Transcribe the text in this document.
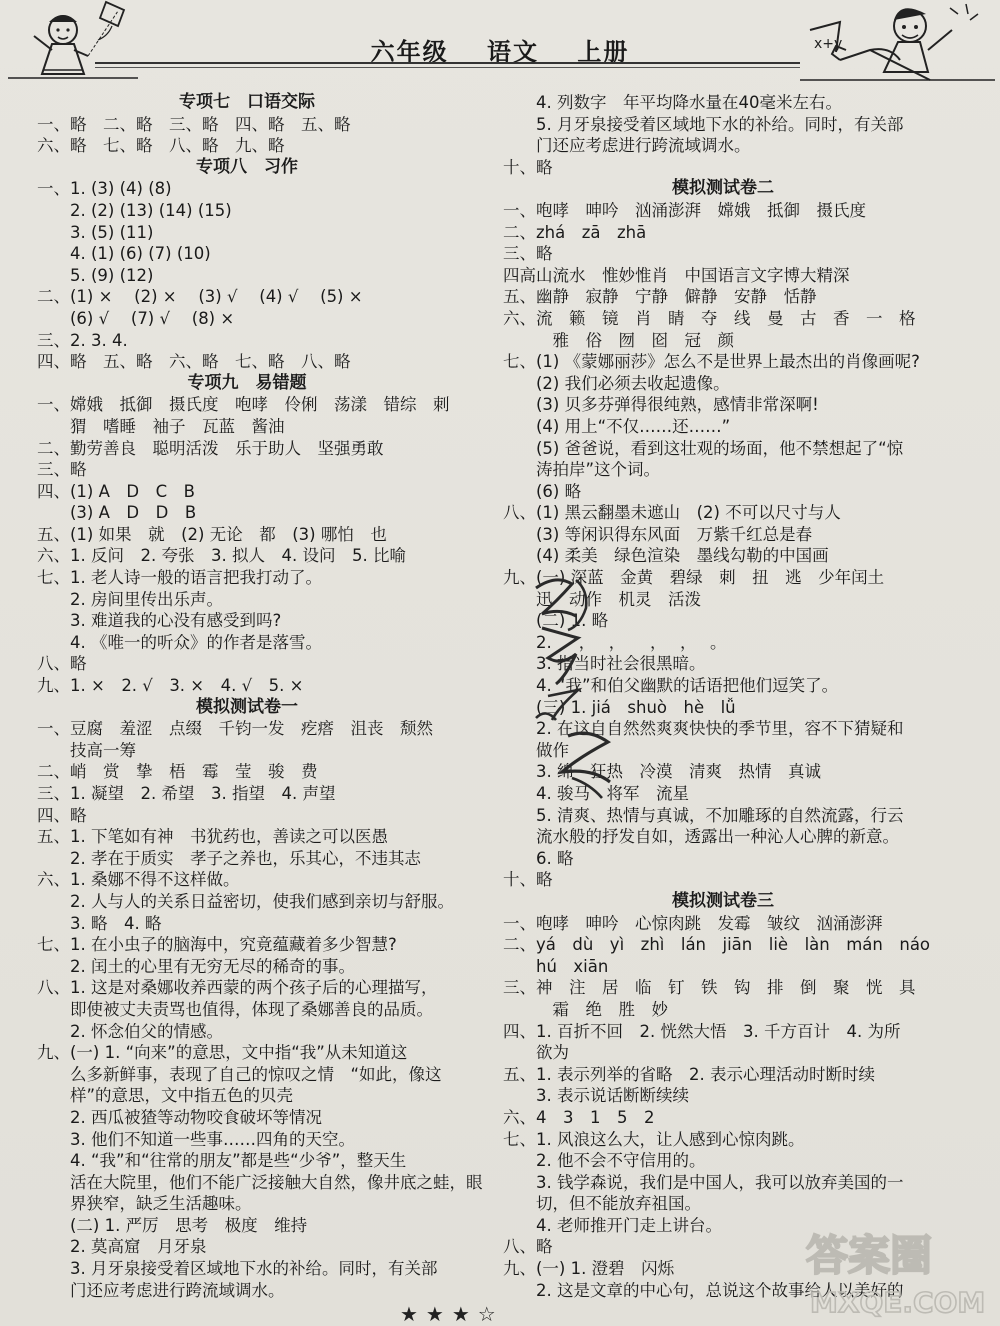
六年级 语文 上册	x+y
专项七　口语交际
一、略　二、略　三、略　四、略　五、略
六、略　七、略　八、略　九、略
专项八　习作
一、1. (3) (4) (8)
　　2. (2) (13) (14) (15)
　　3. (5) (11)
　　4. (1) (6) (7) (10)
　　5. (9) (12)
二、(1) ×　 (2) ×　 (3) √　 (4) √　 (5) ×
　　(6) √　 (7) √　 (8) ×
三、2. 3. 4.
四、略　五、略　六、略　七、略　八、略
专项九　易错题
一、嫦娥　抵御　摄氏度　咆哮　伶俐　荡漾　错综　刺
　　猬　嗜睡　袖子　瓦蓝　酱油
二、勤劳善良　聪明活泼　乐于助人　坚强勇敢
三、略
四、(1) A　D　C　B
　　(3) A　D　D　B
五、(1) 如果　就　(2) 无论　都　(3) 哪怕　也
六、1. 反问　2. 夸张　3. 拟人　4. 设问　5. 比喻
七、1. 老人诗一般的语言把我打动了。
　　2. 房间里传出乐声。
　　3. 难道我的心没有感受到吗?
　　4. 《唯一的听众》的作者是落雪。
八、略
九、1. ×　2. √　3. ×　4. √　5. ×
模拟测试卷一
一、豆腐　羞涩　点缀　千钧一发　疙瘩　沮丧　颓然
　　技高一筹
二、峭　赏　挚　梧　霉　莹　骏　费
三、1. 凝望　2. 希望　3. 指望　4. 声望
四、略
五、1. 下笔如有神　书犹药也，善读之可以医愚
　　2. 孝在于质实　孝子之养也，乐其心，不违其志
六、1. 桑娜不得不这样做。
　　2. 人与人的关系日益密切，使我们感到亲切与舒服。
　　3. 略　4. 略
七、1. 在小虫子的脑海中，究竟蕴藏着多少智慧?
　　2. 闰土的心里有无穷无尽的稀奇的事。
八、1. 这是对桑娜收养西蒙的两个孩子后的心理描写，
　　即使被丈夫责骂也值得，体现了桑娜善良的品质。
　　2. 怀念伯父的情感。
九、(一) 1. “向来”的意思，文中指“我”从未知道这
　　么多新鲜事，表现了自己的惊叹之情　“如此，像这
　　样”的意思，文中指五色的贝壳
　　2. 西瓜被猹等动物咬食破坏等情况
　　3. 他们不知道一些事……四角的天空。
　　4. “我”和“往常的朋友”都是些“少爷”，整天生
　　活在大院里，他们不能广泛接触大自然，像井底之蛙，眼
　　界狭窄，缺乏生活趣味。
　　(二) 1. 严厉　思考　极度　维持
　　2. 莫高窟　月牙泉
　　3. 月牙泉接受着区域地下水的补给。同时，有关部
　　门还应考虑进行跨流域调水。
　　4. 列数字　年平均降水量在40毫米左右。
　　5. 月牙泉接受着区域地下水的补给。同时，有关部
　　门还应考虑进行跨流域调水。
十、略
模拟测试卷二
一、咆哮　呻吟　汹涌澎湃　嫦娥　抵御　摄氏度
二、zhá　zā　zhā
三、略
四高山流水　惟妙惟肖　中国语言文字博大精深
五、幽静　寂静　宁静　僻静　安静　恬静
六、流　籁　镜　肖　睛　夺　线　曼　古　香　一　格
　　　雅　俗　囫　囵　冠　颜
七、(1) 《蒙娜丽莎》怎么不是世界上最杰出的肖像画呢?
　　(2) 我们必须去收起遗像。
　　(3) 贝多芬弹得很纯熟，感情非常深啊!
　　(4) 用上“不仅……还……”
　　(5) 爸爸说，看到这壮观的场面，他不禁想起了“惊
　　涛拍岸”这个词。
　　(6) 略
八、(1) 黑云翻墨未遮山　(2) 不可以尺寸与人
　　(3) 等闲识得东风面　万紫千红总是春
　　(4) 柔美　绿色渲染　墨线勾勒的中国画
九、(一) 深蓝　金黄　碧绿　刺　扭　逃　少年闰土
　　迅　动作　机灵　活泼
　　(二) 1. 略
　　2. 　 ，　 ，　　，　 ，　 。
　　3. 指当时社会很黑暗。
　　4. “我”和伯父幽默的话语把他们逗笑了。
　　(三) 1. jiá　shuò　hè　lǚ
　　2. 在这自自然然爽爽快快的季节里，容不下猜疑和
　　做作
　　3. 绵　狂热　冷漠　清爽　热情　真诚
　　4. 骏马　将军　流星
　　5. 清爽、热情与真诚，不加雕琢的自然流露，行云
　　流水般的抒发自如，透露出一种沁人心脾的新意。
　　6. 略
十、略
模拟测试卷三
一、咆哮　呻吟　心惊肉跳　发霉　皱纹　汹涌澎湃
二、yá　dù　yì　zhì　lán　jiān　liè　làn　mán　náo
　　hú　xiān
三、神　注　居　临　钉　铁　钩　排　倒　聚　恍　具
　　　霜　绝　胜　妙
四、1. 百折不回　2. 恍然大悟　3. 千方百计　4. 为所
　　欲为
五、1. 表示列举的省略　2. 表示心理活动时断时续
　　3. 表示说话断断续续
六、4　3　1　5　2
七、1. 风浪这么大，让人感到心惊肉跳。
　　2. 他不会不守信用的。
　　3. 钱学森说，我们是中国人，我可以放弃美国的一
　　切，但不能放弃祖国。
　　4. 老师推开门走上讲台。
八、略
九、(一) 1. 澄碧　闪烁
　　2. 这是文章的中心句，总说这个故事给人以美好的
答案圈
MXQE.COM
★★★☆
